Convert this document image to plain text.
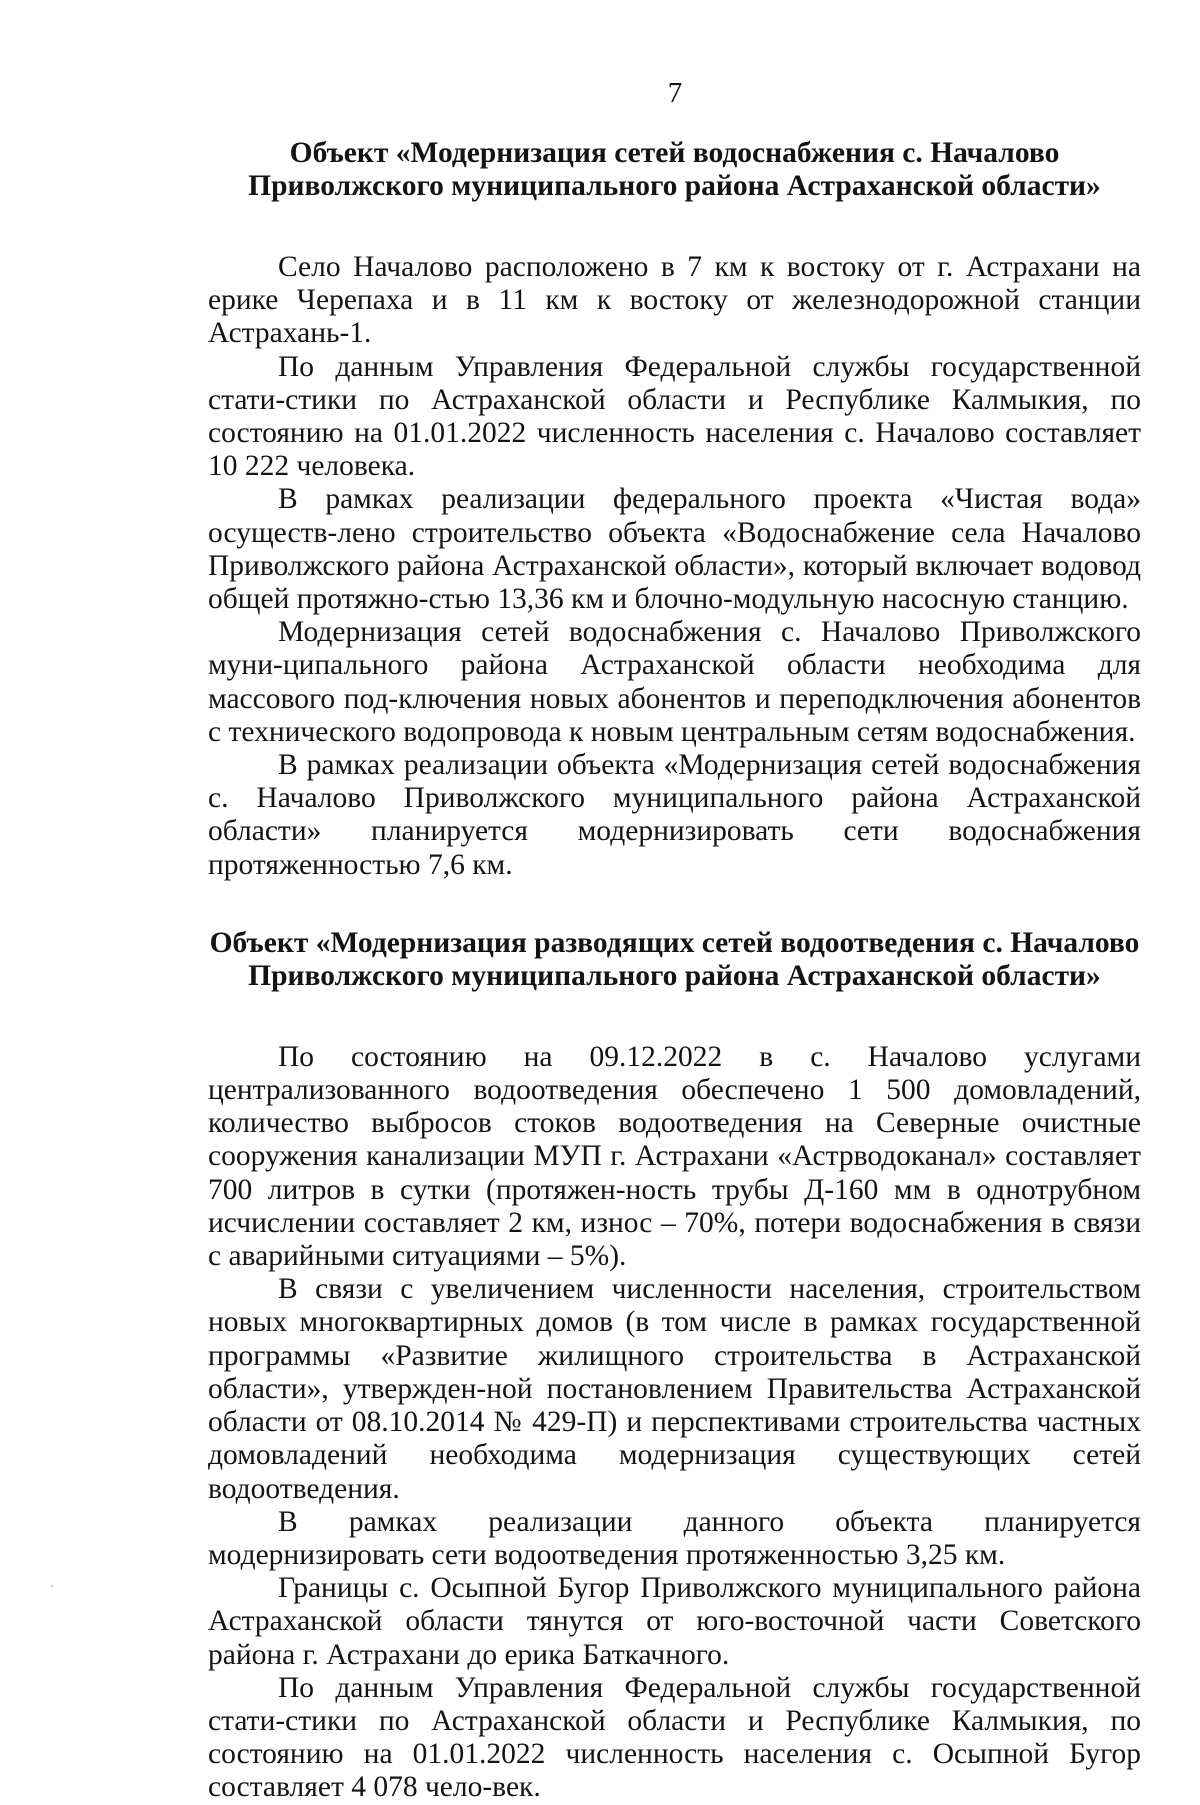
7
Объект «Модернизация сетей водоснабжения с. Началово
Приволжского муниципального района Астраханской области»

Село Началово расположено в 7 км к востоку от г. Астрахани на ерике Черепаха и в 11 км к востоку от железнодорожной станции Астрахань-1.

По данным Управления Федеральной службы государственной стати-стики по Астраханской области и Республике Калмыкия, по состоянию на 01.01.2022 численность населения с. Началово составляет 10 222 человека.

В рамках реализации федерального проекта «Чистая вода» осуществ-лено строительство объекта «Водоснабжение села Началово Приволжского района Астраханской области», который включает водовод общей протяжно-стью 13,36 км и блочно-модульную насосную станцию.

Модернизация сетей водоснабжения с. Началово Приволжского муни-ципального района Астраханской области необходима для массового под-ключения новых абонентов и переподключения абонентов с технического водопровода к новым центральным сетям водоснабжения.

В рамках реализации объекта «Модернизация сетей водоснабжения с. Началово Приволжского муниципального района Астраханской области» планируется модернизировать сети водоснабжения протяженностью 7,6 км.

Объект «Модернизация разводящих сетей водоотведения с. Началово
Приволжского муниципального района Астраханской области»

По состоянию на 09.12.2022 в с. Началово услугами централизованного водоотведения обеспечено 1 500 домовладений, количество выбросов стоков водоотведения на Северные очистные сооружения канализации МУП г. Астрахани «Астрводоканал» составляет 700 литров в сутки (протяжен-ность трубы Д-160 мм в однотрубном исчислении составляет 2 км, износ – 70%, потери водоснабжения в связи с аварийными ситуациями – 5%).

В связи с увеличением численности населения, строительством новых многоквартирных домов (в том числе в рамках государственной программы «Развитие жилищного строительства в Астраханской области», утвержден-ной постановлением Правительства Астраханской области от 08.10.2014 № 429-П) и перспективами строительства частных домовладений необходима модернизация существующих сетей водоотведения.

В рамках реализации данного объекта планируется модернизировать сети водоотведения протяженностью 3,25 км.

Границы с. Осыпной Бугор Приволжского муниципального района Астраханской области тянутся от юго-восточной части Советского района г. Астрахани до ерика Баткачного.

По данным Управления Федеральной службы государственной стати-стики по Астраханской области и Республике Калмыкия, по состоянию на 01.01.2022 численность населения с. Осыпной Бугор составляет 4 078 чело-век.
